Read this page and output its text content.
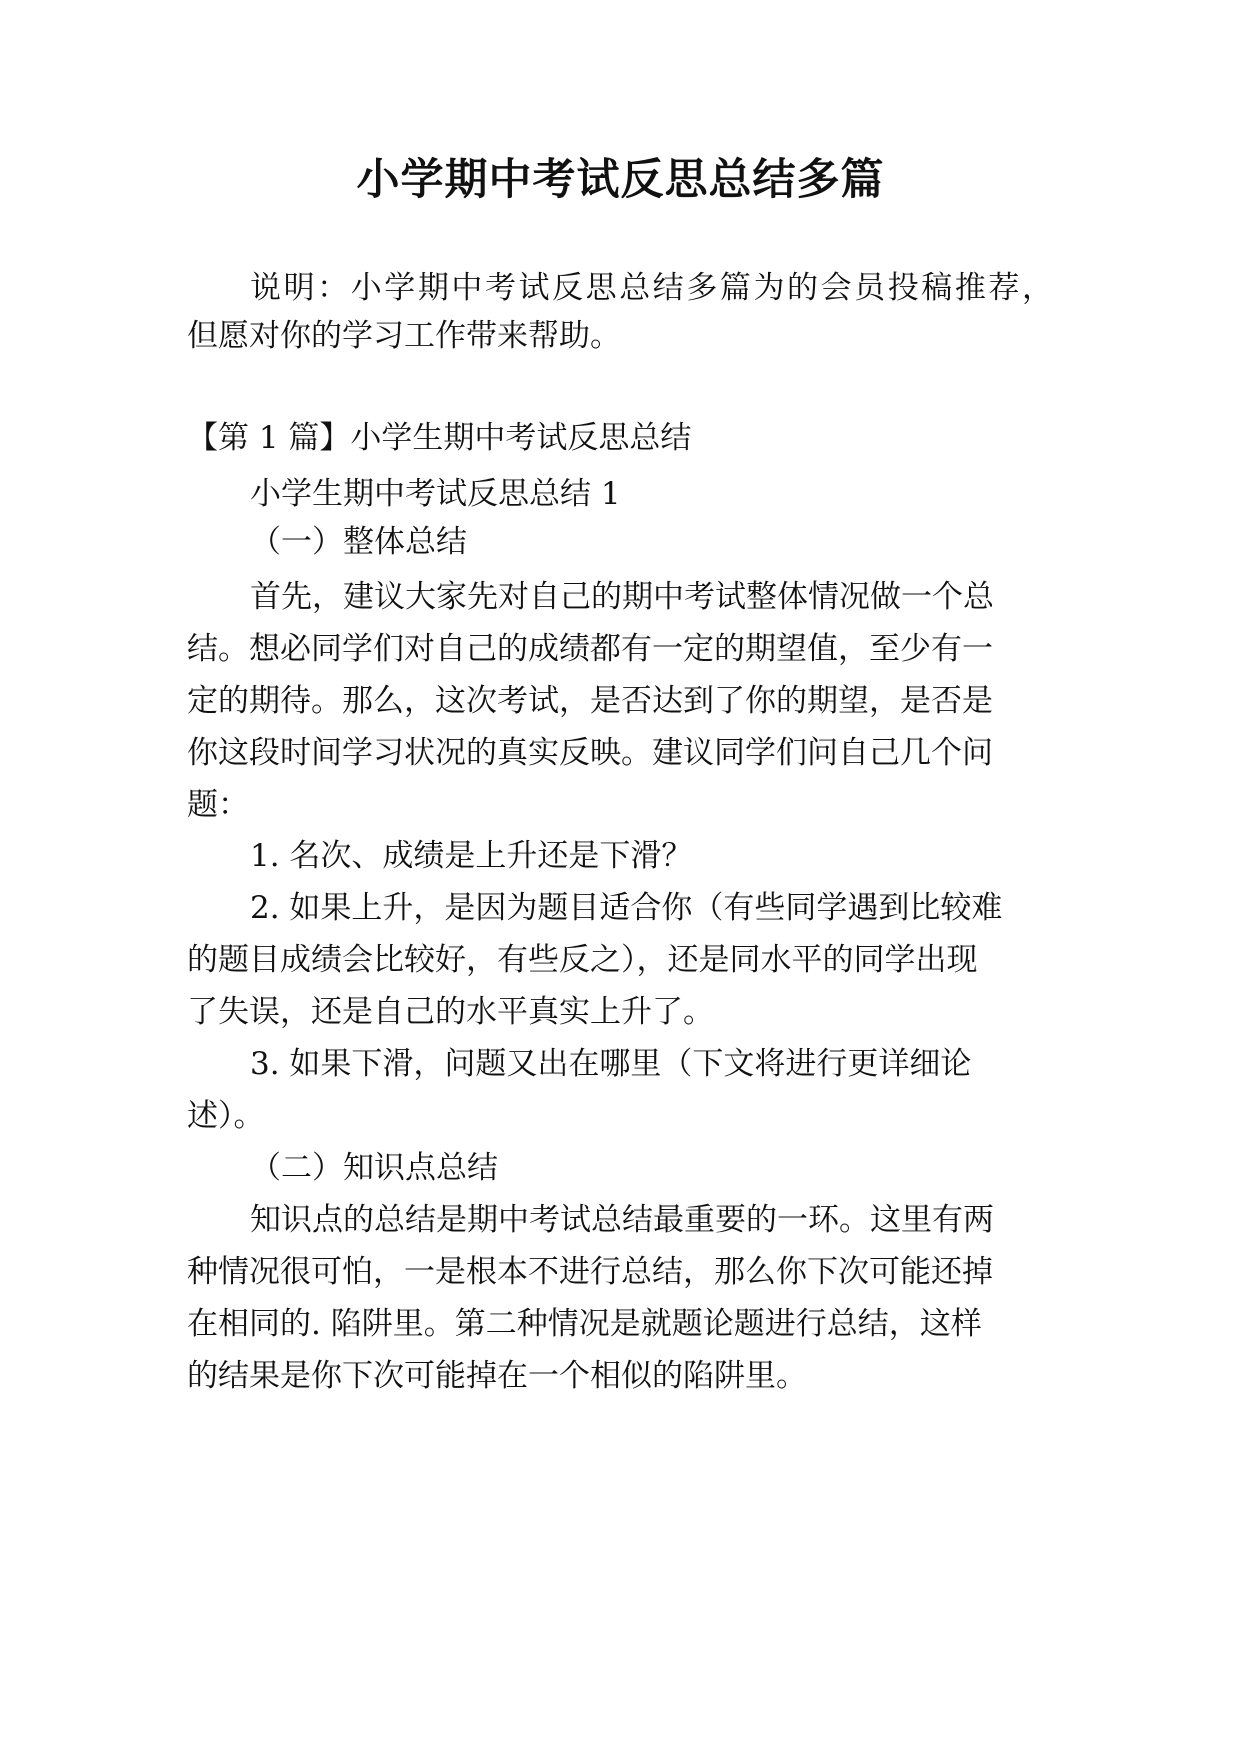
小学期中考试反思总结多篇

说明：小学期中考试反思总结多篇为的会员投稿推荐，

但愿对你的学习工作带来帮助。

【第 1 篇】小学生期中考试反思总结

小学生期中考试反思总结 1

（一）整体总结

首先，建议大家先对自己的期中考试整体情况做一个总

结。想必同学们对自己的成绩都有一定的期望值，至少有一

定的期待。那么，这次考试，是否达到了你的期望，是否是

你这段时间学习状况的真实反映。建议同学们问自己几个问

题：

1. 名次、成绩是上升还是下滑？

2. 如果上升，是因为题目适合你（有些同学遇到比较难

的题目成绩会比较好，有些反之），还是同水平的同学出现

了失误，还是自己的水平真实上升了。

3. 如果下滑，问题又出在哪里（下文将进行更详细论

述）。

（二）知识点总结

知识点的总结是期中考试总结最重要的一环。这里有两

种情况很可怕，一是根本不进行总结，那么你下次可能还掉

在相同的. 陷阱里。第二种情况是就题论题进行总结，这样

的结果是你下次可能掉在一个相似的陷阱里。
